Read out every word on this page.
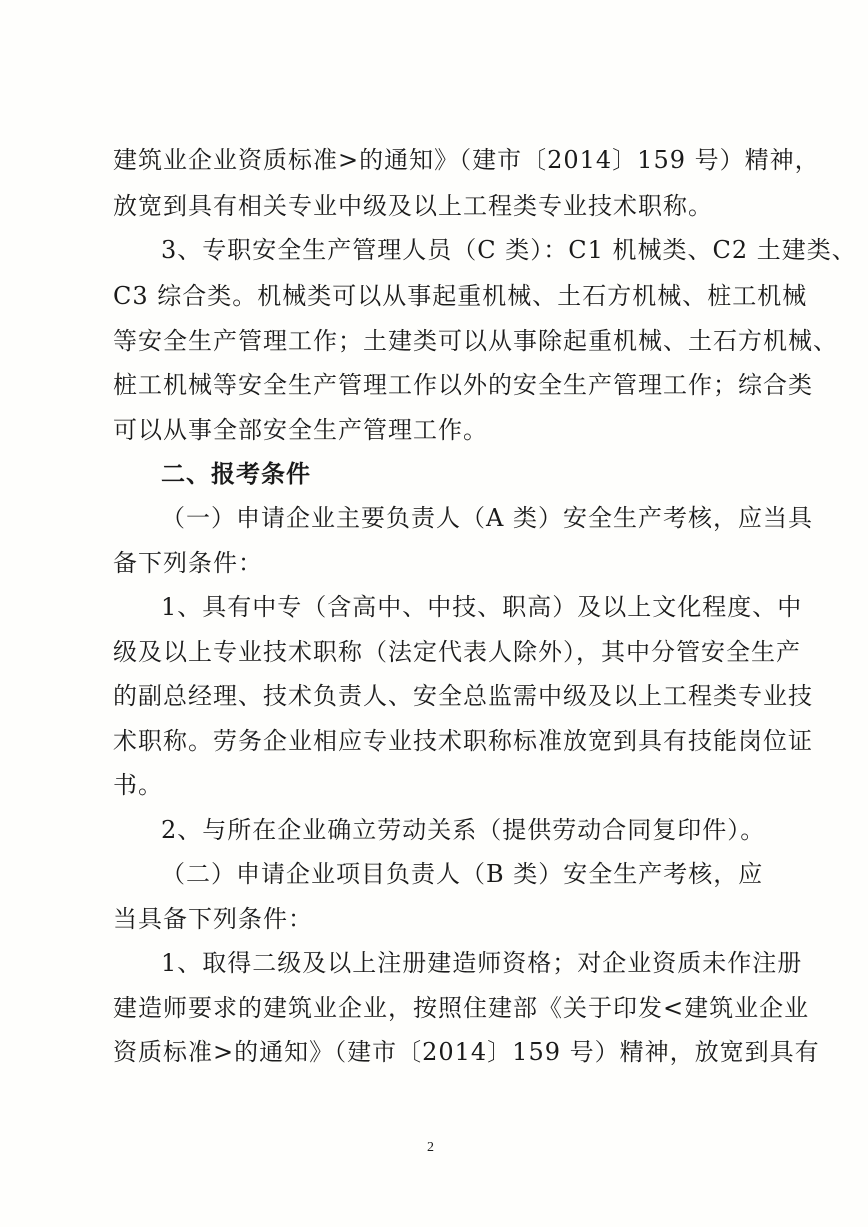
建筑业企业资质标准>的通知》（建市〔2014〕159 号）精神，
放宽到具有相关专业中级及以上工程类专业技术职称。
3、专职安全生产管理人员（C 类）：C1 机械类、C2 土建类、
C3 综合类。机械类可以从事起重机械、土石方机械、桩工机械
等安全生产管理工作；土建类可以从事除起重机械、土石方机械、
桩工机械等安全生产管理工作以外的安全生产管理工作；综合类
可以从事全部安全生产管理工作。
二、报考条件
（一）申请企业主要负责人（A 类）安全生产考核，应当具
备下列条件：
1、具有中专（含高中、中技、职高）及以上文化程度、中
级及以上专业技术职称（法定代表人除外），其中分管安全生产
的副总经理、技术负责人、安全总监需中级及以上工程类专业技
术职称。劳务企业相应专业技术职称标准放宽到具有技能岗位证
书。
2、与所在企业确立劳动关系（提供劳动合同复印件）。
（二）申请企业项目负责人（B 类）安全生产考核，应
当具备下列条件：
1、取得二级及以上注册建造师资格；对企业资质未作注册
建造师要求的建筑业企业，按照住建部《关于印发<建筑业企业
资质标准>的通知》（建市〔2014〕159 号）精神，放宽到具有
2
